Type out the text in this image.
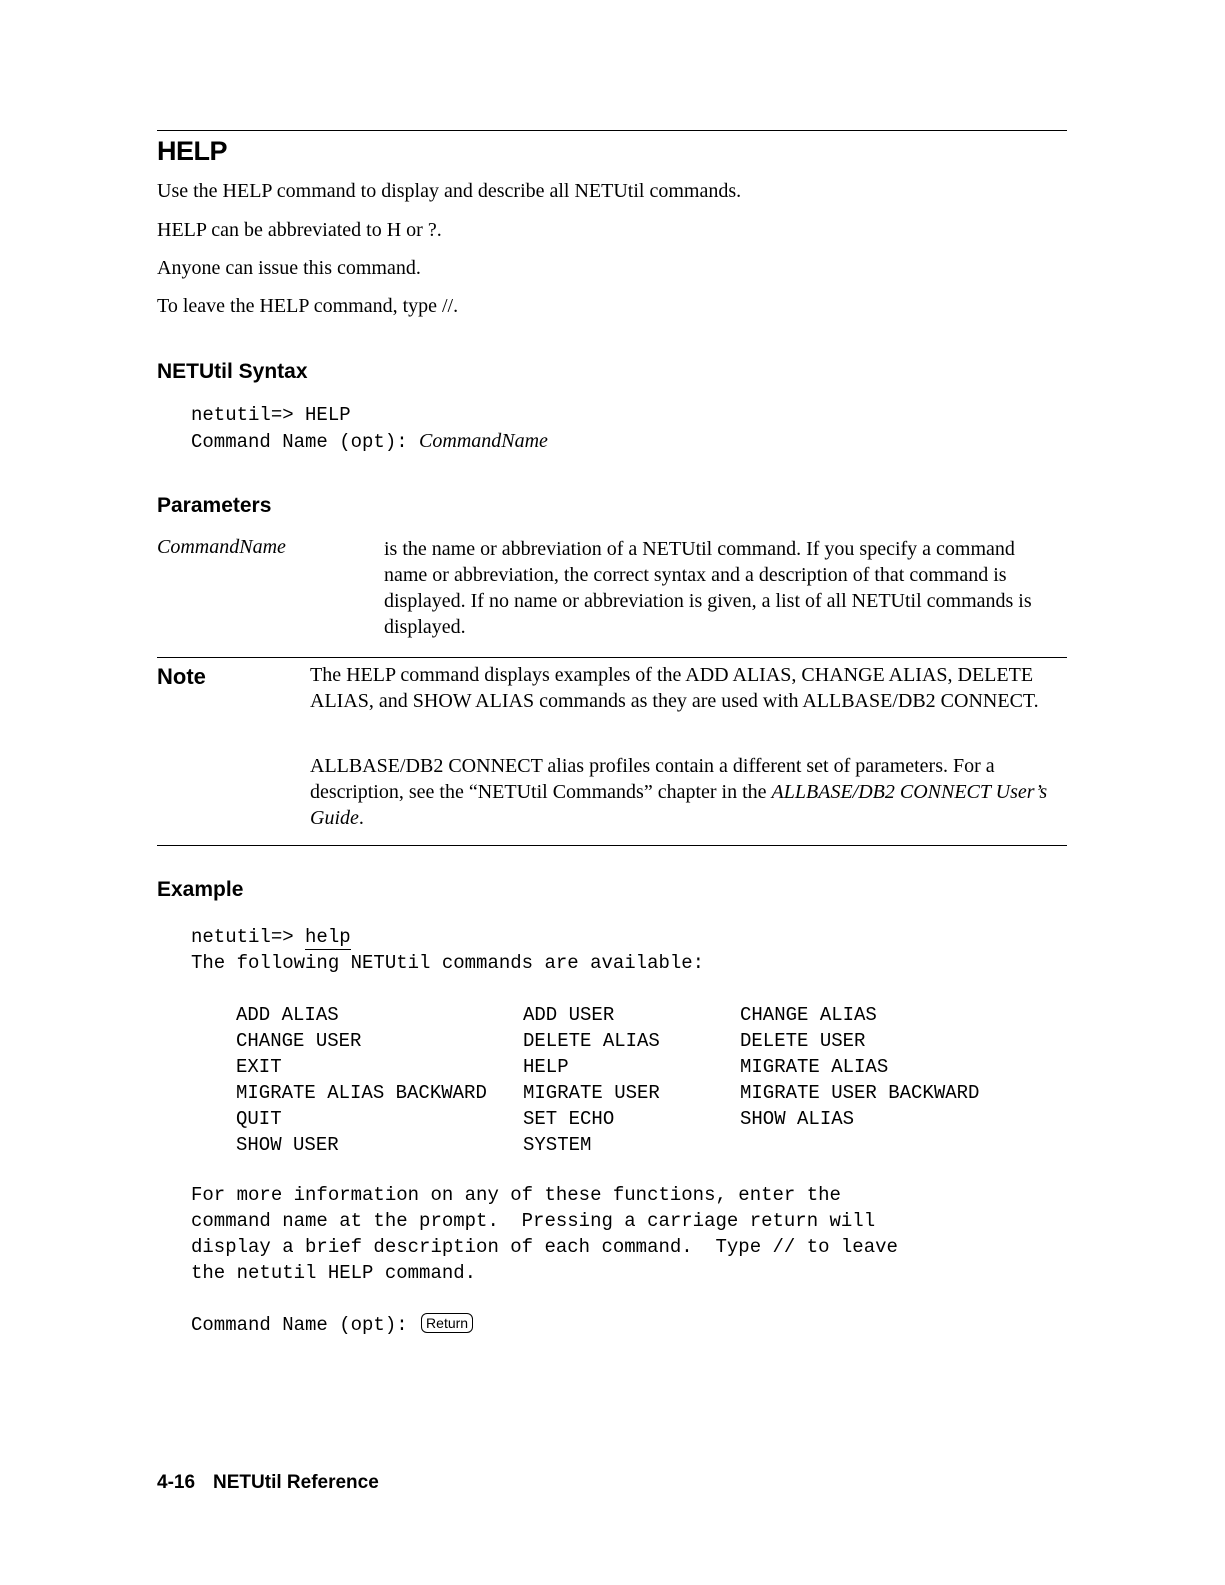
HELP
Use the HELP command to display and describe all NETUtil commands.
HELP can be abbreviated to H or ?.
Anyone can issue this command.
To leave the HELP command, type //.
NETUtil Syntax
netutil=> HELP
Command Name (opt): CommandName
Parameters
CommandName	is the name or abbreviation of a NETUtil command. If you specify a command name or abbreviation, the correct syntax and a description of that command is displayed. If no name or abbreviation is given, a list of all NETUtil commands is displayed.
Note	The HELP command displays examples of the ADD ALIAS, CHANGE ALIAS, DELETE ALIAS, and SHOW ALIAS commands as they are used with ALLBASE/DB2 CONNECT.
ALLBASE/DB2 CONNECT alias profiles contain a different set of parameters. For a description, see the “NETUtil Commands” chapter in the ALLBASE/DB2 CONNECT User’s Guide.
Example
netutil=> help
The following NETUtil commands are available:
ADD ALIAS
CHANGE USER
EXIT
MIGRATE ALIAS BACKWARD
QUIT
SHOW USER
ADD USER
DELETE ALIAS
HELP
MIGRATE USER
SET ECHO
SYSTEM
CHANGE ALIAS
DELETE USER
MIGRATE ALIAS
MIGRATE USER BACKWARD
SHOW ALIAS
For more information on any of these functions, enter the
command name at the prompt.  Pressing a carriage return will
display a brief description of each command.  Type // to leave
the netutil HELP command.
Command Name (opt): Return
4-16 NETUtil Reference
